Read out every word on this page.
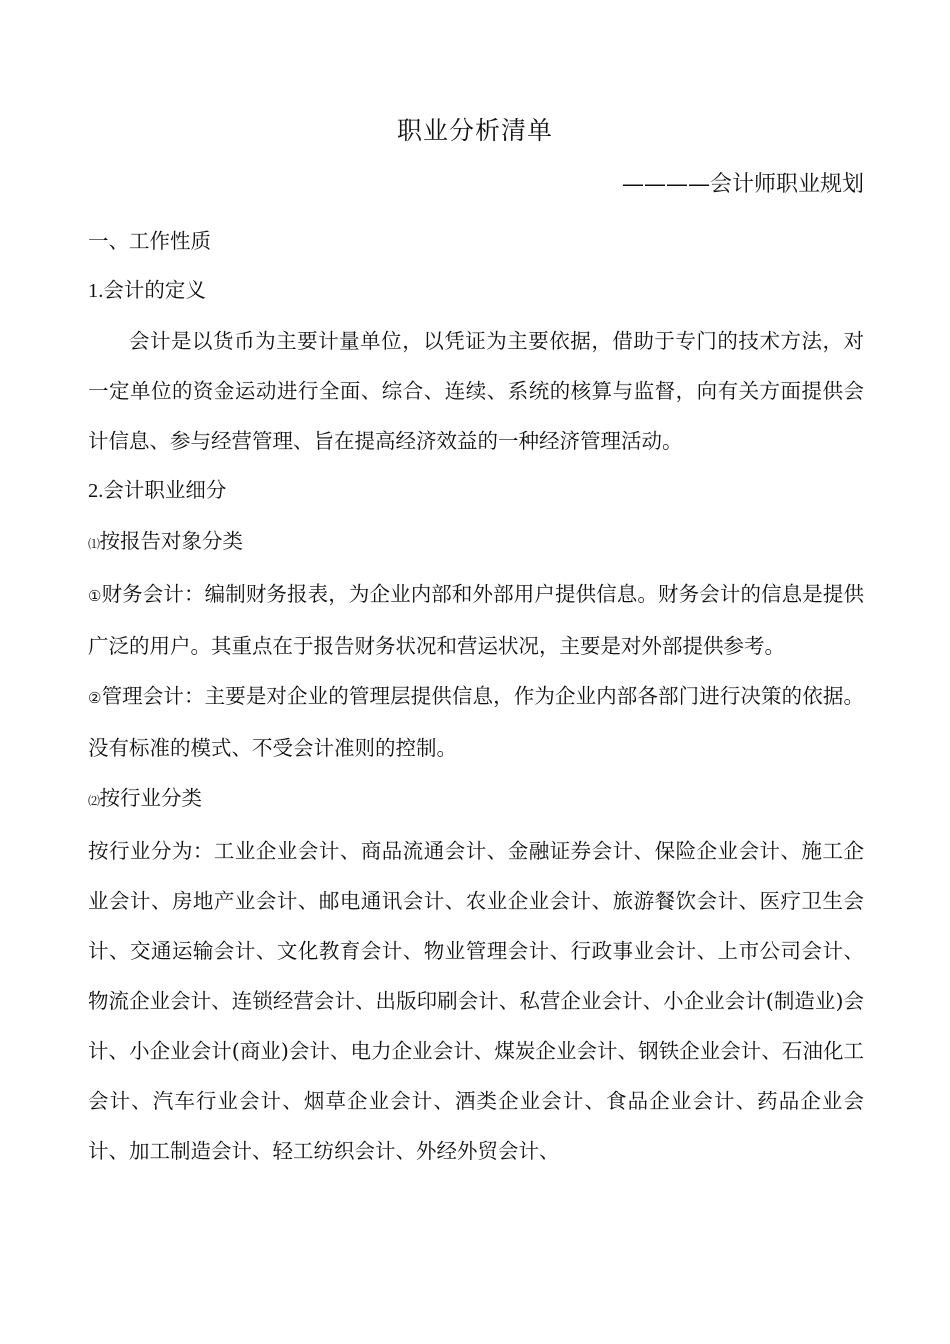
职业分析清单
————会计师职业规划

一、工作性质

1.会计的定义

会计是以货币为主要计量单位，以凭证为主要依据，借助于专门的技术方法，对一定单位的资金运动进行全面、综合、连续、系统的核算与监督，向有关方面提供会计信息、参与经营管理、旨在提高经济效益的一种经济管理活动。

2.会计职业细分

⑴按报告对象分类

①财务会计：编制财务报表，为企业内部和外部用户提供信息。财务会计的信息是提供广泛的用户。其重点在于报告财务状况和营运状况，主要是对外部提供参考。

②管理会计：主要是对企业的管理层提供信息，作为企业内部各部门进行决策的依据。没有标准的模式、不受会计准则的控制。

⑵按行业分类

按行业分为：工业企业会计、商品流通会计、金融证券会计、保险企业会计、施工企业会计、房地产业会计、邮电通讯会计、农业企业会计、旅游餐饮会计、医疗卫生会计、交通运输会计、文化教育会计、物业管理会计、行政事业会计、上市公司会计、物流企业会计、连锁经营会计、出版印刷会计、私营企业会计、小企业会计(制造业)会计、小企业会计(商业)会计、电力企业会计、煤炭企业会计、钢铁企业会计、石油化工会计、汽车行业会计、烟草企业会计、酒类企业会计、食品企业会计、药品企业会计、加工制造会计、轻工纺织会计、外经外贸会计、
